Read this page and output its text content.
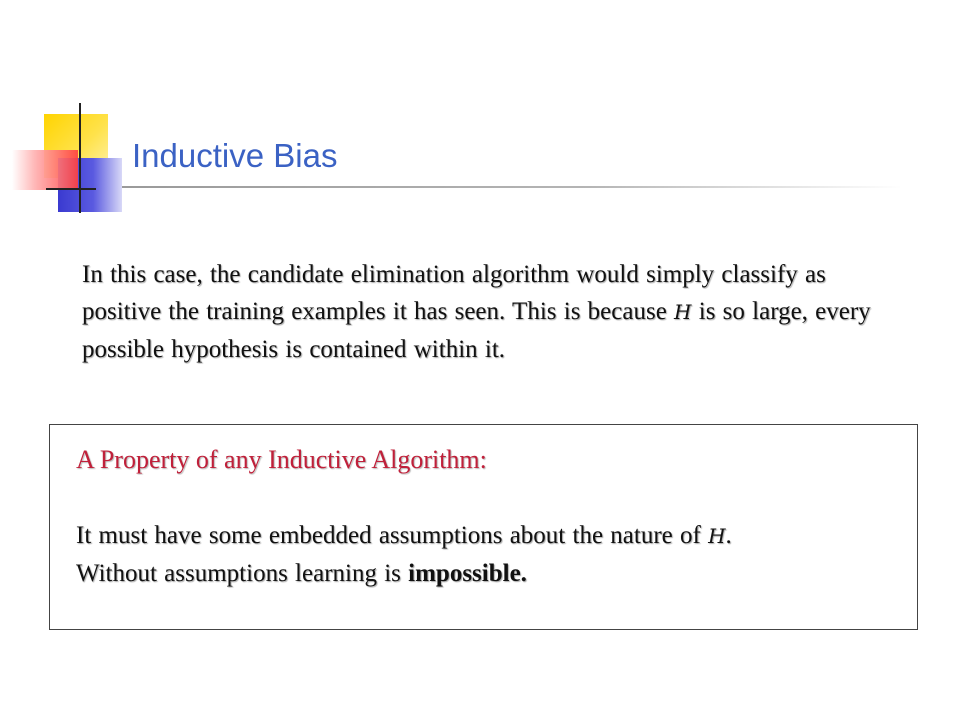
Inductive Bias

In this case, the candidate elimination algorithm would simply classify as positive the training examples it has seen. This is because H is so large, every possible hypothesis is contained within it.

A Property of any Inductive Algorithm:

It must have some embedded assumptions about the nature of H.
Without assumptions learning is impossible.
